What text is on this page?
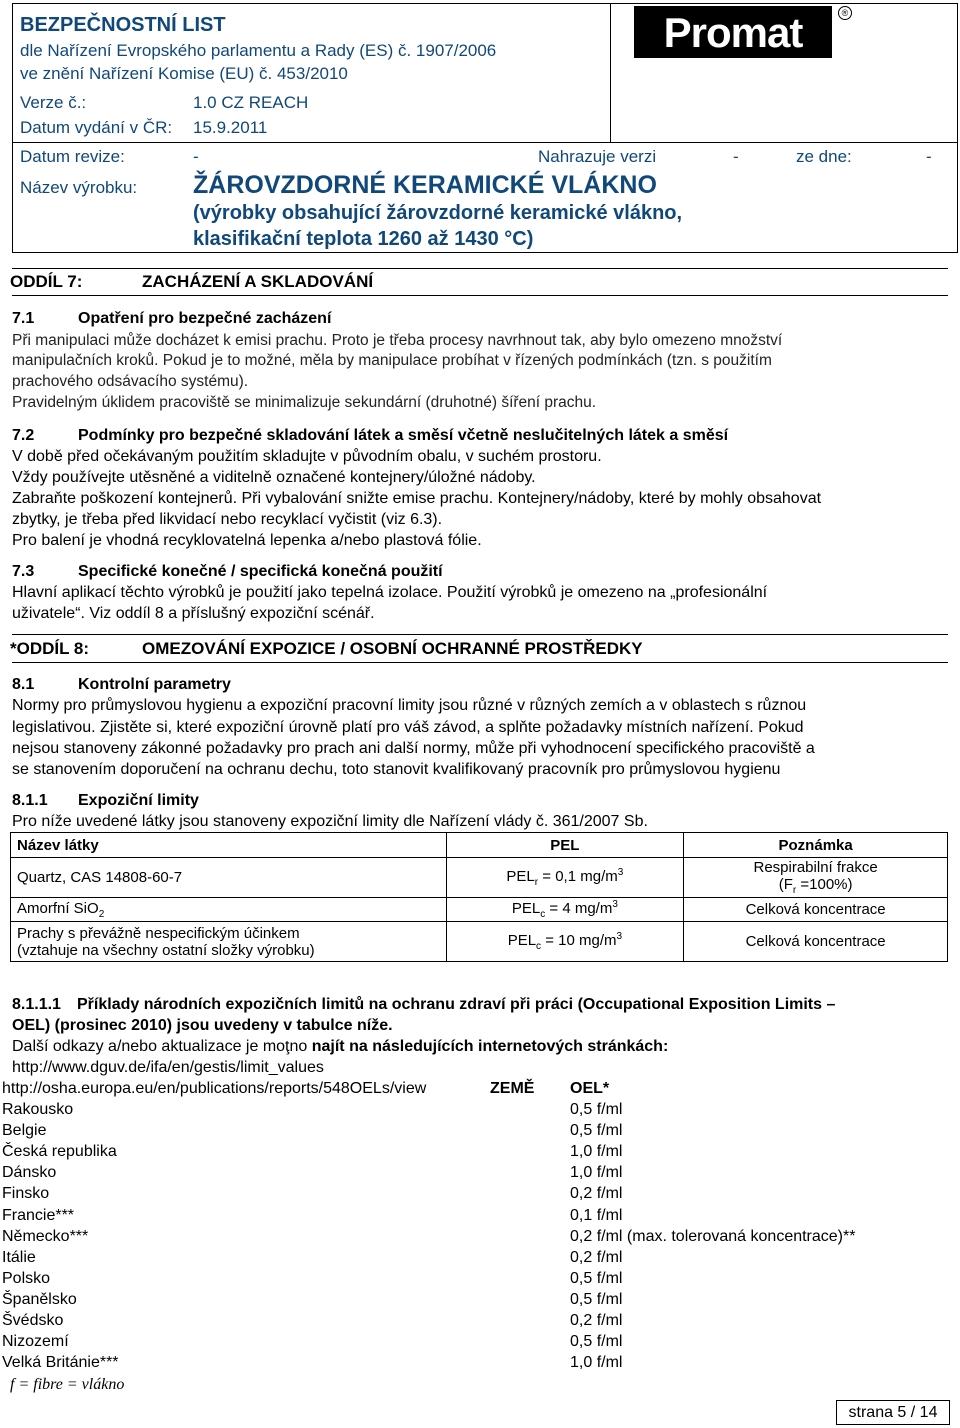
BEZPEČNOSTNÍ LIST
dle Nařízení Evropského parlamentu a Rady (ES) č. 1907/2006
ve znění Nařízení Komise (EU) č. 453/2010
Verze č.:	1.0 CZ REACH
Datum vydání v ČR: 15.9.2011
Promat	®
Datum revize:	-	Nahrazuje verzi	-	ze dne:	-
Název výrobku: ŽÁROVZDORNÉ KERAMICKÉ VLÁKNO
(výrobky obsahující žárovzdorné keramické vlákno,
klasifikační teplota 1260 až 1430 °C)
ODDÍL 7:	ZACHÁZENÍ A SKLADOVÁNÍ
7.1	Opatření pro bezpečné zacházení
Při manipulaci může docházet k emisi prachu. Proto je třeba procesy navrhnout tak, aby bylo omezeno množství
manipulačních kroků. Pokud je to možné, měla by manipulace probíhat v řízených podmínkách (tzn. s použitím
prachového odsávacího systému).
Pravidelným úklidem pracoviště se minimalizuje sekundární (druhotné) šíření prachu.
7.2	Podmínky pro bezpečné skladování látek a směsí včetně neslučitelných látek a směsí
V době před očekávaným použitím skladujte v původním obalu, v suchém prostoru.
Vždy používejte utěsněné a viditelně označené kontejnery/úložné nádoby.
Zabraňte poškození kontejnerů. Při vybalování snižte emise prachu. Kontejnery/nádoby, které by mohly obsahovat
zbytky, je třeba před likvidací nebo recyklací vyčistit (viz 6.3).
Pro balení je vhodná recyklovatelná lepenka a/nebo plastová fólie.
7.3	Specifické konečné / specifická konečná použití
Hlavní aplikací těchto výrobků je použití jako tepelná izolace. Použití výrobků je omezeno na „profesionální
uživatele“. Viz oddíl 8 a příslušný expoziční scénář.
*ODDÍL 8:	OMEZOVÁNÍ EXPOZICE / OSOBNÍ OCHRANNÉ PROSTŘEDKY
8.1	Kontrolní parametry
Normy pro průmyslovou hygienu a expoziční pracovní limity jsou různé v různých zemích a v oblastech s různou
legislativou. Zjistěte si, které expoziční úrovně platí pro váš závod, a splňte požadavky místních nařízení. Pokud
nejsou stanoveny zákonné požadavky pro prach ani další normy, může při vyhodnocení specifického pracoviště a
se stanovením doporučení na ochranu dechu, toto stanovit kvalifikovaný pracovník pro průmyslovou hygienu
8.1.1 Expoziční limity
Pro níže uvedené látky jsou stanoveny expoziční limity dle Nařízení vlády č. 361/2007 Sb.
Název látky	PEL	Poznámka
Quartz, CAS 14808-60-7	$PEL_r = 0,1$ $mg/m^3$	Respirabilní frakce
$(F_r =100\%)$

Amorfní SiO$_2$	$PEL_c = 4$ $mg/m^3$	Celková koncentrace

Prachy s převážně nespecifickým účinkem
(vztahuje na všechny ostatní složky výrobku)	$PEL_c = 10$ $mg/m^3$	Celková koncentrace
8.1.1.1 Příklady národních expozičních limitů na ochranu zdraví při práci (Occupational Exposition Limits –
OEL) (prosinec 2010) jsou uvedeny v tabulce níže.
Další odkazy a/nebo aktualizace je moţno najít na následujících internetových stránkách:
http://www.dguv.de/ifa/en/gestis/limit_values
http://osha.europa.eu/en/publications/reports/548OELs/view	ZEMĚ OEL*
Rakousko	0,5 f/ml
Belgie	0,5 f/ml
Česká republika	1,0 f/ml
Dánsko	1,0 f/ml
Finsko	0,2 f/ml
Francie***	0,1 f/ml
Německo***	0,2 f/ml (max. tolerovaná koncentrace)**
Itálie	0,2 f/ml
Polsko	0,5 f/ml
Španělsko	0,5 f/ml
Švédsko	0,2 f/ml
Nizozemí	0,5 f/ml
Velká Británie***	1,0 f/ml
f = fibre = vlákno
strana 5 / 14
